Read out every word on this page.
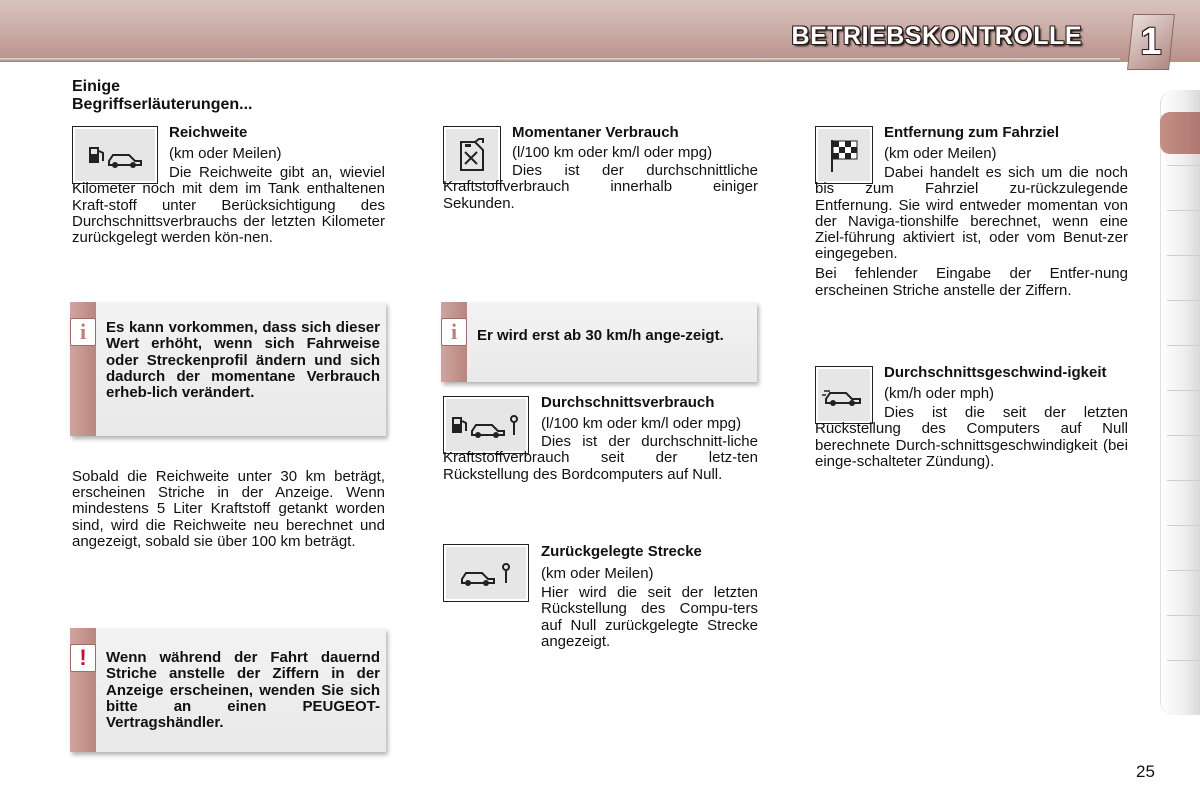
BETRIEBSKONTROLLE 1
Einige
Begriffserläuterungen...
Reichweite

(km oder Meilen)

Die Reichweite gibt an, wieviel Kilometer noch mit dem im Tank enthaltenen Kraft-stoff unter Berücksichtigung des Durchschnittsverbrauchs der letzten Kilometer zurückgelegt werden kön-nen.

i	Es kann vorkommen, dass sich dieser Wert erhöht, wenn sich Fahrweise oder Streckenprofil ändern und sich dadurch der momentane Verbrauch erheb-lich verändert.
Sobald die Reichweite unter 30 km beträgt, erscheinen Striche in der Anzeige. Wenn mindestens 5 Liter Kraftstoff getankt worden sind, wird die Reichweite neu berechnet und angezeigt, sobald sie über 100 km beträgt.
!	Wenn während der Fahrt dauernd Striche anstelle der Ziffern in der Anzeige erscheinen, wenden Sie sich bitte an einen PEUGEOT-Vertragshändler.
Momentaner Verbrauch

(l/100 km oder km/l oder mpg)

Dies ist der durchschnittliche Kraftstoffverbrauch innerhalb einiger Sekunden.

i	Er wird erst ab 30 km/h ange-zeigt.
Durchschnittsverbrauch

(l/100 km oder km/l oder mpg)

Dies ist der durchschnitt-liche Kraftstoffverbrauch seit der letz-ten Rückstellung des Bordcomputers auf Null.

Zurückgelegte Strecke

(km oder Meilen)

Hier wird die seit der letzten Rückstellung des Compu-ters auf Null zurückgelegte Strecke angezeigt.

Entfernung zum Fahrziel

(km oder Meilen)

Dabei handelt es sich um die noch bis zum Fahrziel zu-rückzulegende Entfernung. Sie wird entweder momentan von der Naviga-tionshilfe berechnet, wenn eine Ziel-führung aktiviert ist, oder vom Benut-zer eingegeben.

Bei fehlender Eingabe der Entfer-nung erscheinen Striche anstelle der Ziffern.

Durchschnittsgeschwind-igkeit

(km/h oder mph)

Dies ist die seit der letzten Rückstellung des Computers auf Null berechnete Durch-schnittsgeschwindigkeit (bei einge-schalteter Zündung).

25
